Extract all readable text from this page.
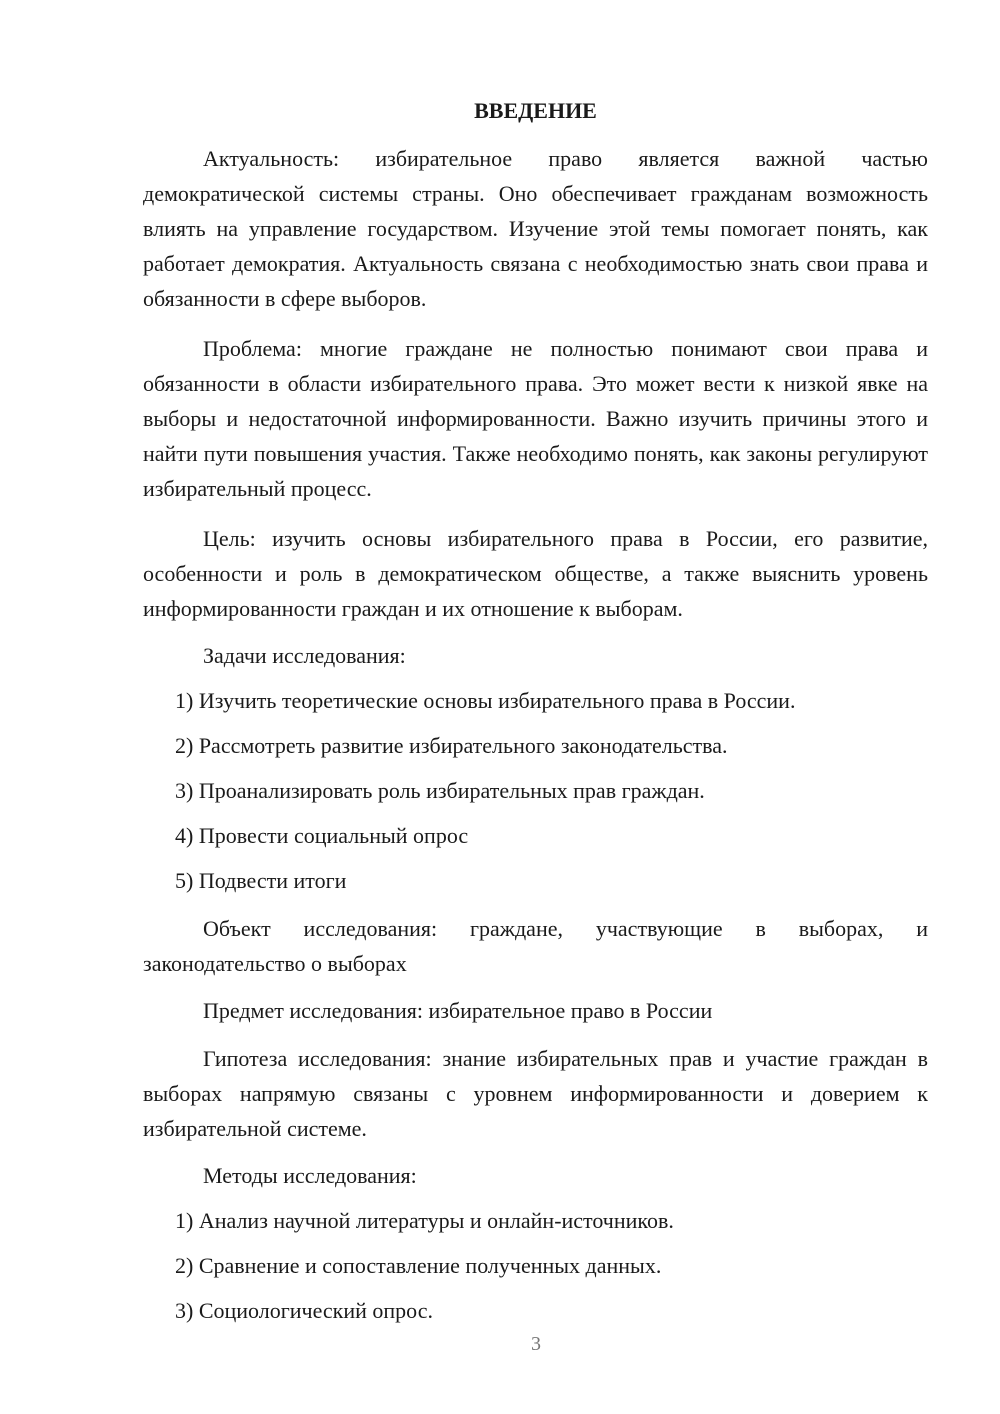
ВВЕДЕНИЕ

Актуальность: избирательное право является важной частью демократической системы страны. Оно обеспечивает гражданам возможность влиять на управление государством. Изучение этой темы помогает понять, как работает демократия. Актуальность связана с необходимостью знать свои права и обязанности в сфере выборов.

Проблема: многие граждане не полностью понимают свои права и обязанности в области избирательного права. Это может вести к низкой явке на выборы и недостаточной информированности. Важно изучить причины этого и найти пути повышения участия. Также необходимо понять, как законы регулируют избирательный процесс.

Цель: изучить основы избирательного права в России, его развитие, особенности и роль в демократическом обществе, а также выяснить уровень информированности граждан и их отношение к выборам.

Задачи исследования:

1) Изучить теоретические основы избирательного права в России.
2) Рассмотреть развитие избирательного законодательства.
3) Проанализировать роль избирательных прав граждан.
4) Провести социальный опрос
5) Подвести итоги

Объект исследования: граждане, участвующие в выборах, и законодательство о выборах

Предмет исследования: избирательное право в России

Гипотеза исследования: знание избирательных прав и участие граждан в выборах напрямую связаны с уровнем информированности и доверием к избирательной системе.

Методы исследования:

1) Анализ научной литературы и онлайн-источников.
2) Сравнение и сопоставление полученных данных.
3) Социологический опрос.
3
